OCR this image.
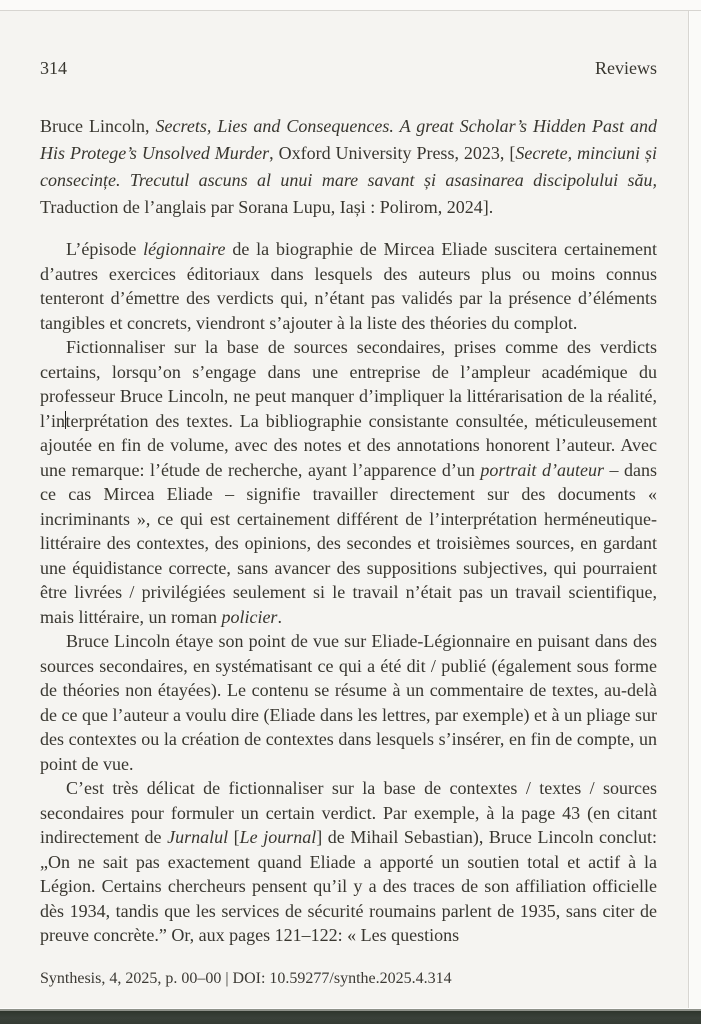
314	Reviews
Bruce Lincoln, Secrets, Lies and Consequences. A great Scholar’s Hidden Past and His Protege’s Unsolved Murder, Oxford University Press, 2023, [Secrete, minciuni și consecințe. Trecutul ascuns al unui mare savant și asasinarea discipolului său, Traduction de l’anglais par Sorana Lupu, Iași : Polirom, 2024].

L’épisode légionnaire de la biographie de Mircea Eliade suscitera certainement d’autres exercices éditoriaux dans lesquels des auteurs plus ou moins connus tenteront d’émettre des verdicts qui, n’étant pas validés par la présence d’éléments tangibles et concrets, viendront s’ajouter à la liste des théories du complot.

Fictionnaliser sur la base de sources secondaires, prises comme des verdicts certains, lorsqu’on s’engage dans une entreprise de l’ampleur académique du professeur Bruce Lincoln, ne peut manquer d’impliquer la littérarisation de la réalité, l’interprétation des textes. La bibliographie consistante consultée, méticuleusement ajoutée en fin de volume, avec des notes et des annotations honorent l’auteur. Avec une remarque: l’étude de recherche, ayant l’apparence d’un portrait d’auteur – dans ce cas Mircea Eliade – signifie travailler directement sur des documents « incriminants », ce qui est certainement différent de l’interprétation herméneutique-littéraire des contextes, des opinions, des secondes et troisièmes sources, en gardant une équidistance correcte, sans avancer des suppositions subjectives, qui pourraient être livrées / privilégiées seulement si le travail n’était pas un travail scientifique, mais littéraire, un roman policier.

Bruce Lincoln étaye son point de vue sur Eliade-Légionnaire en puisant dans des sources secondaires, en systématisant ce qui a été dit / publié (également sous forme de théories non étayées). Le contenu se résume à un commentaire de textes, au-delà de ce que l’auteur a voulu dire (Eliade dans les lettres, par exemple) et à un pliage sur des contextes ou la création de contextes dans lesquels s’insérer, en fin de compte, un point de vue.

C’est très délicat de fictionnaliser sur la base de contextes / textes / sources secondaires pour formuler un certain verdict. Par exemple, à la page 43 (en citant indirectement de Jurnalul [Le journal] de Mihail Sebastian), Bruce Lincoln conclut: „On ne sait pas exactement quand Eliade a apporté un soutien total et actif à la Légion. Certains chercheurs pensent qu’il y a des traces de son affiliation officielle dès 1934, tandis que les services de sécurité roumains parlent de 1935, sans citer de preuve concrète.” Or, aux pages 121–122: « Les questions

Synthesis, 4, 2025, p. 00–00 | DOI: 10.59277/synthe.2025.4.314
